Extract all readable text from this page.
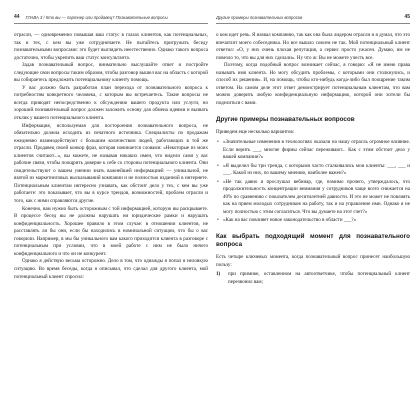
44 ГЛАВА 3 / Кто вы — партнер или продавец? Познавательные вопросы

отрасли, — одновременно повышая ваш статус в глазах клиентов, как потенциальных, так и тех, с кем вы уже сотрудничаете. Не пытайтесь пригружать беседу познавательными вопросами: это будет выглядеть неестественно. Однако такого вопроса достаточно, чтобы укрепить ваш статус консультанта.

Задав познавательный вопрос, внимательно выслушайте ответ и постройте следующие свои вопросы таким образом, чтобы разговор вышел вас на область с которой вы собираетесь предложить потенциальному клиенту помощь.

У вас должно быть разработан план перехода от познавательного вопроса к потребностям конкретного человека, с которым вы встречаетесь. Такие вопросы не всегда приводят непосредственно к обсуждению вашего продукта или услуги, но хороший познавательный вопрос должен заложить основу для обмена идеями и вызвать отклик у вашего потенциального клиента.

Информация, используемая для постороения познавательного вопроса, не обязательно должна исходить из печатного источника. Специалисты по продажам ежедневно взаимодействуют с большим количеством людей, работающих в той же отрасли. Продавец своей конкор фраз, которая начинается словами: «Некоторые из моих клиентов считают...», вы можете, не называя никаких имен, что видели сами у вас рабочие связи, чтобы поощрить доверие к себе со стороны потенциального клиента. Они свидетельствуют о вашем умении знать важнейшей информацией — уникальной, не взятой из маркетинговых высказываний компании и не полностью изданной в интернете. Потенциальным клиентам интересно узнавать, как обстоит дело у тех, с кем вы уже работаете: это показывает, что вы в курсе трендов, возможностей, проблем отрасли и того, как с ними справляются другие.

Конечно, вам нужно быть осторожным с той информацией, которую вы раскрываете. В процессе бесед вы не должны нарушать ни юридические рамки и нарушать конфиденциальность. Хорошее правило в этом случае: в отношении клиентов, не расставлять ли бы они, если бы находились в номинальной ситуации, что бы о вас говорили. Например, в мы бы уникального вам какого приходится клиента в разговоре с потенциальным при условии, что в моей работе с ним не было ничего конфиденциального и что он не конкурент.

Однако я действую весьма осторожно. Дело в том, что однажды я попал в неловкую ситуацию. Во время беседы, когда я описывал, что сделал для другого клиента, мой потенциальный клиент спросил:

Другие примеры познавательных вопросов	45

о ком идет речь. Я назвал компанию, так как она была лидером отрасли и я думал, что это впечатлит моего собеседника. Но все вышло совсем не так. Мой потенциальный клиент ответил: «О, у них очень плохая репутация, а сервис просто ужасен. Думаю, им не повезло то, что вы для них сделали». Ну что ж: Вы не можете учесть все.

Поэтому, когда подобный вопрос возникает сейчас, я говорю: «Я не имею права называть имя клиента. Но могу обсудить проблемы, с которыми они столкнулись, и способ их решения». И, на помощь, чтобы кто-нибудь когда-либо был поощрение таким ответом. На самом деле этот ответ демонстрирует потенциальным клиентам, что вам можно доверить любую конфиденциальную информацию, которой они хотели бы поделиться с вами.

Другие примеры познавательных вопросов

Приведем еще несколько вариантов:

• «Значительные изменения в технологиях оказали на нашу отрасль огромное влияние. Если верить ___, многие фирмы сейчас переживают... Как с этим обстоит дело у вашей компании?»
• «Я выделил бы три тренда, с которыми часто сталкивались мои клиенты: ___, ___ и ___. Какой из них, по вашему мнению, наиболее важен?»
• «Не так давно я прослушал вебинар, где, помимо прочего, утверждалось, что продолжительность концентрации внимания у сотрудников чаще всего снижается на 40% по сравнению с показателем десятилетней давности. И это не может не повлиять как на прием молодых сотрудников на работу, так и на управление ими. Однако я не могу полностью с этим согласиться. Что вы думаете на этот счет?»
• «Как на вас повлияет новое законодательство в области ___?»
Как выбрать подходящий момент для познавательного вопроса

Есть четыре ключевых момента, когда познавательный вопрос принесет наибольшую пользу:

1)	при примике, оставленном на автоответчике, чтобы потенциальный клиент перезвонил вам;
